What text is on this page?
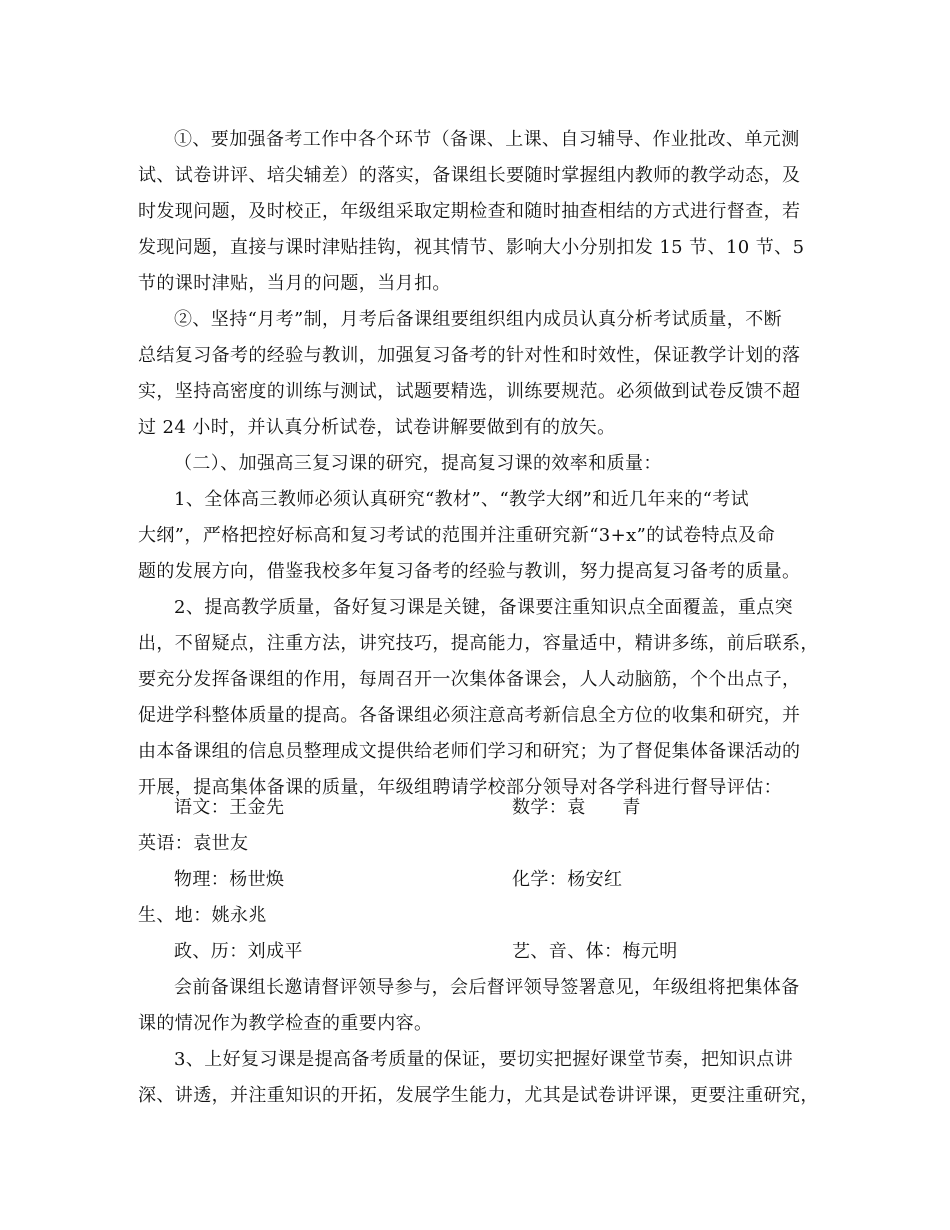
①、要加强备考工作中各个环节（备课、上课、自习辅导、作业批改、单元测
试、试卷讲评、培尖辅差）的落实，备课组长要随时掌握组内教师的教学动态，及
时发现问题，及时校正，年级组采取定期检查和随时抽查相结的方式进行督查，若
发现问题，直接与课时津贴挂钩，视其情节、影响大小分别扣发 15 节、10 节、5
节的课时津贴，当月的问题，当月扣。
②、坚持“月考”制，月考后备课组要组织组内成员认真分析考试质量，不断
总结复习备考的经验与教训，加强复习备考的针对性和时效性，保证教学计划的落
实，坚持高密度的训练与测试，试题要精选，训练要规范。必须做到试卷反馈不超
过 24 小时，并认真分析试卷，试卷讲解要做到有的放矢。
（二）、加强高三复习课的研究，提高复习课的效率和质量：
1、全体高三教师必须认真研究“教材”、“教学大纲”和近几年来的“考试
大纲”，严格把控好标高和复习考试的范围并注重研究新“3+x”的试卷特点及命
题的发展方向，借鉴我校多年复习备考的经验与教训，努力提高复习备考的质量。
2、提高教学质量，备好复习课是关键，备课要注重知识点全面覆盖，重点突
出，不留疑点，注重方法，讲究技巧，提高能力，容量适中，精讲多练，前后联系，
要充分发挥备课组的作用，每周召开一次集体备课会，人人动脑筋，个个出点子，
促进学科整体质量的提高。各备课组必须注意高考新信息全方位的收集和研究，并
由本备课组的信息员整理成文提供给老师们学习和研究；为了督促集体备课活动的
开展，提高集体备课的质量，年级组聘请学校部分领导对各学科进行督导评估：
语文：王金先	数学：袁　　青
英语：袁世友
物理：杨世焕	化学：杨安红
生、地：姚永兆
政、历：刘成平	艺、音、体：梅元明
会前备课组长邀请督评领导参与，会后督评领导签署意见，年级组将把集体备
课的情况作为教学检查的重要内容。
3、上好复习课是提高备考质量的保证，要切实把握好课堂节奏，把知识点讲
深、讲透，并注重知识的开拓，发展学生能力，尤其是试卷讲评课，更要注重研究，
